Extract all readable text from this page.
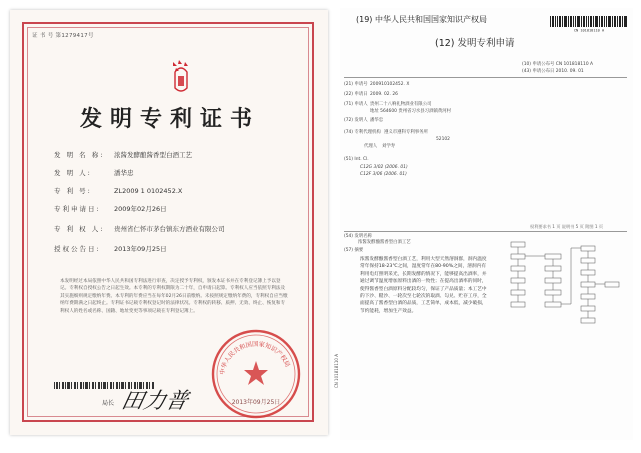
证 书 号 第1279417号
发明专利证书
发 明 名 称: 浓酱发酵酿酱香型白酒工艺
发 明 人:	潘华忠
专 利 号:	ZL2009 1 0102452.X
专利申请日: 2009年02月26日
专 利 权 人: 贵州省仁怀市茅台镇东方酒业有限公司
授权公告日: 2013年09月25日
本发明经过本局依照中华人民共和国专利法进行审查，决定授予专利权，颁发本证书并在专利登记簿上予以登记。专利权自授权公告之日起生效。本专利的专利权期限为二十年，自申请日起算。专利权人应当依照专利法及其实施细则规定缴纳年费。本专利的年费应当在每年02月26日前缴纳。未按照规定缴纳年费的，专利权自应当缴纳年费期满之日起终止。专利证书记载专利权登记时的法律状况。专利权的转移、质押、无效、终止、恢复和专利权人的姓名或名称、国籍、地址变更等事项记载在专利登记簿上。
局长 田力普
中华人民共和国国家知识产权局
2013年09月25日
(19) 中华人民共和国国家知识产权局
(12) 发明专利申请
CN 101818110 A
(10) 申请公布号 CN 101818110 A
(43) 申请公布日 2010. 09. 01
(21) 申请号 200910102452. X
(22) 申请日 2009. 02. 26
(71) 申请人 贵州二十八响礼物酒业有限公司
地址 564600 贵州省习水县习酒镇黄河村
(72) 发明人 潘华忠
(74) 专利代理机构 遵义市遵科专利事务所
52102
代理人 刘学寿
(51) Int. Cl.
C12G 3/02 (2006. 01)
C12F 3/06 (2006. 01)
权利要求书 1 页 说明书 5 页 附图 1 页
(54) 发明名称
浓酱发酵酿酱香型白酒工艺
(57) 摘要
浓酱发酵酿酱香型白酒工艺，利用大型天然溶洞群，洞内温度常年保持18-23℃之间，湿度常年在80-90%之间，溶洞内有利用电灯照明采光，长期发酵的情况下，能够提高出酒率，并通过调节温度增加原料出酒的一致性；在提高出酒率的同时，使得酱香型白酒原料分配较均匀，保证了产品质量；本工艺中的下沙、糙沙、一轮次至七轮次的取酒、勾兑、贮存工序，全面提高了酱香型白酒的品质，工艺简单，成本低，减少破损，节约能耗，增加生产效益。
CN 101818110 A
